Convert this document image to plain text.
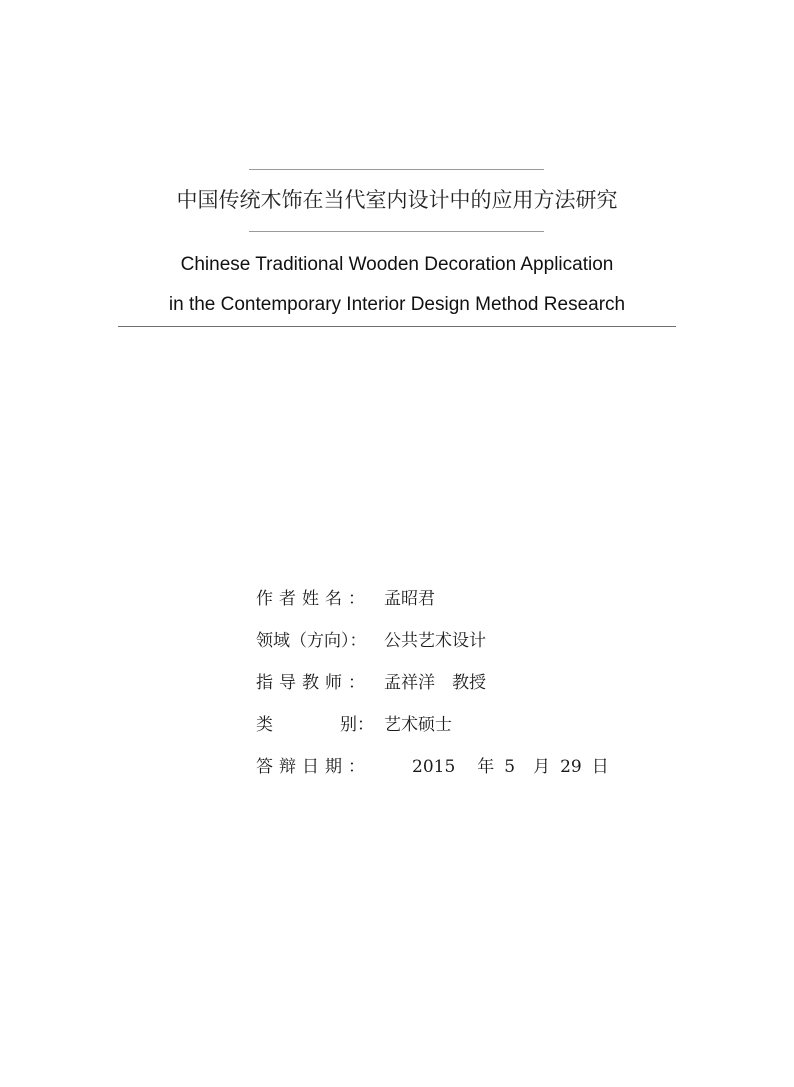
中国传统木饰在当代室内设计中的应用方法研究
Chinese Traditional Wooden Decoration Application
in the Contemporary Interior Design Method Research
作者姓名： 孟昭君
领域（方向）： 公共艺术设计
指导教师： 孟祥洋　教授
类	别： 艺术硕士
答辩日期： 2015 年 5 月 29 日
